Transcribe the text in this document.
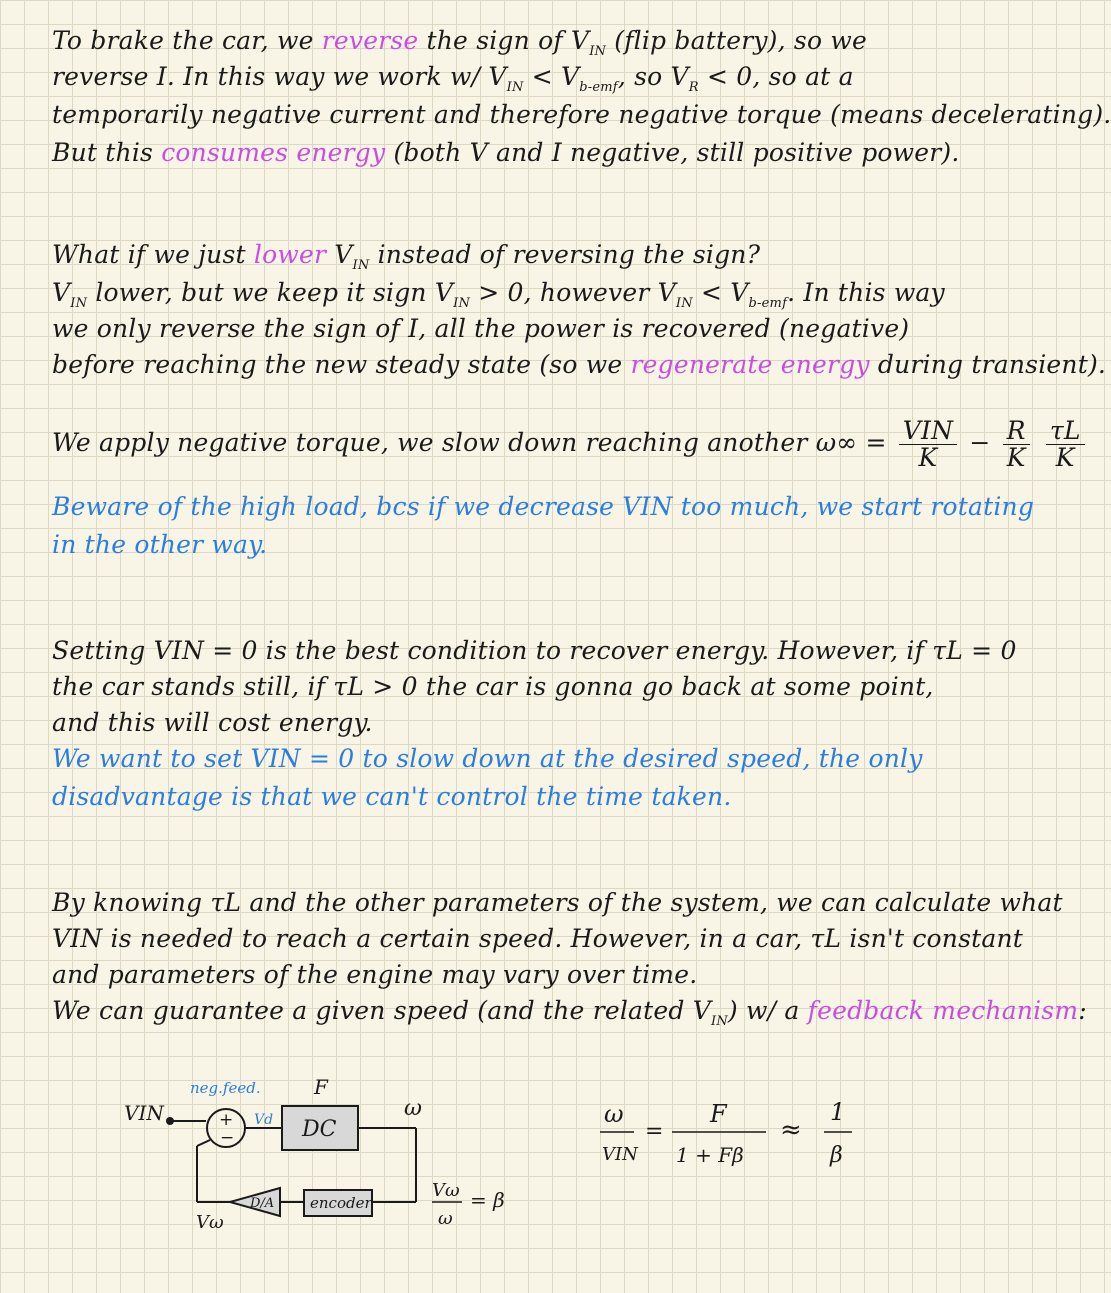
To brake the car, we reverse the sign of $V_{IN}$ (flip battery), so we
reverse I. In this way we work w/ $V_{IN} < V_{b-emf}$, so $V_R < 0$, so at a
temporarily negative current and therefore negative torque (means decelerating).
But this consumes energy (both V and I negative, still positive power).
What if we just lower $V_{IN}$ instead of reversing the sign?
$V_{IN}$ lower, but we keep it sign $V_{IN} > 0$, however $V_{IN} < V_{b-emf}$. In this way
we only reverse the sign of I, all the power is recovered (negative)
before reaching the new steady state (so we regenerate energy during transient).
We apply negative torque, we slow down reaching another $\omega\infty = \frac{\text{VIN}}{K} - \frac{R}{K}$
$\frac{\tau L}{K}$
Beware of the high load, bcs if we decrease VIN too much, we start rotating
in the other way.
Setting VIN = 0 is the best condition to recover energy. However, if τL = 0
the car stands still, if τL > 0 the car is gonna go back at some point,
and this will cost energy.
We want to set VIN = 0 to slow down at the desired speed, the only
disadvantage is that we can't control the time taken.
By knowing τL and the other parameters of the system, we can calculate what
VIN is needed to reach a certain speed. However, in a car, τL isn't constant
and parameters of the engine may vary over time.
We can guarantee a given speed (and the related $V_{IN}$) w/ a feedback mechanism:
VIN	+
−
F
DC
ω
encoder
D/A
Vω
Vω
ω
= β
neg.feed.
Vd	ω
VIN
=
F
1 + Fβ
≈
1
β
